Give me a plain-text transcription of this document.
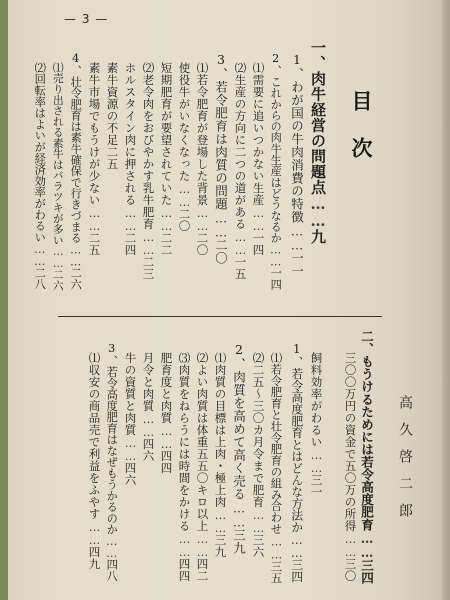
— 3 —
目次
高久啓二郎
一、肉牛経営の問題点……九
1、わが国の牛肉消費の特徴……一一
2、これからの肉牛生産はどうなるか……一四
⑴需要に追いつかない生産……一四
⑵生産の方向に二つの道がある……一五
3、若令肥育は肉質の問題……二〇
⑴若令肥育が登場した背景……二〇
使役牛がいなくなった……二〇
短期肥育が要望されていた……二二
⑵老令肉をおびやかす乳牛肥育……二三
ホルスタイン肉に押される……二四
素牛資源の不足二五
素牛市場でもうけが少ない……二五
4、壮令肥育は素牛確保で行きづまる……二六
⑴売り出される素牛はバラツキが多い……二六
⑵回転率はよいが経済効率がわるい……二八
二、もうけるためには若令高度肥育……三四
三〇〇万円の資金で五〇万の所得……三〇
飼料効率がわるい……三一
1、若令高度肥育とはどんな方法か……三四
⑴若令肥育と壮令肥育の組み合わせ……三五
⑵二五～三〇カ月令まで肥育……三六
2、肉質を高めて高く売る……三九
⑴肉質の目標は上肉・極上肉……三九
⑵よい肉質は体重五五〇キロ以上……四二
⑶肉質をねらうには時間をかける……四四
肥育度と肉質……四四
月令と肉質……四六
牛の資質と肉質……四六
3、若令高度肥育はなぜもうかるのか……四八
⑴収安の商品売で利益をふやす……四九
